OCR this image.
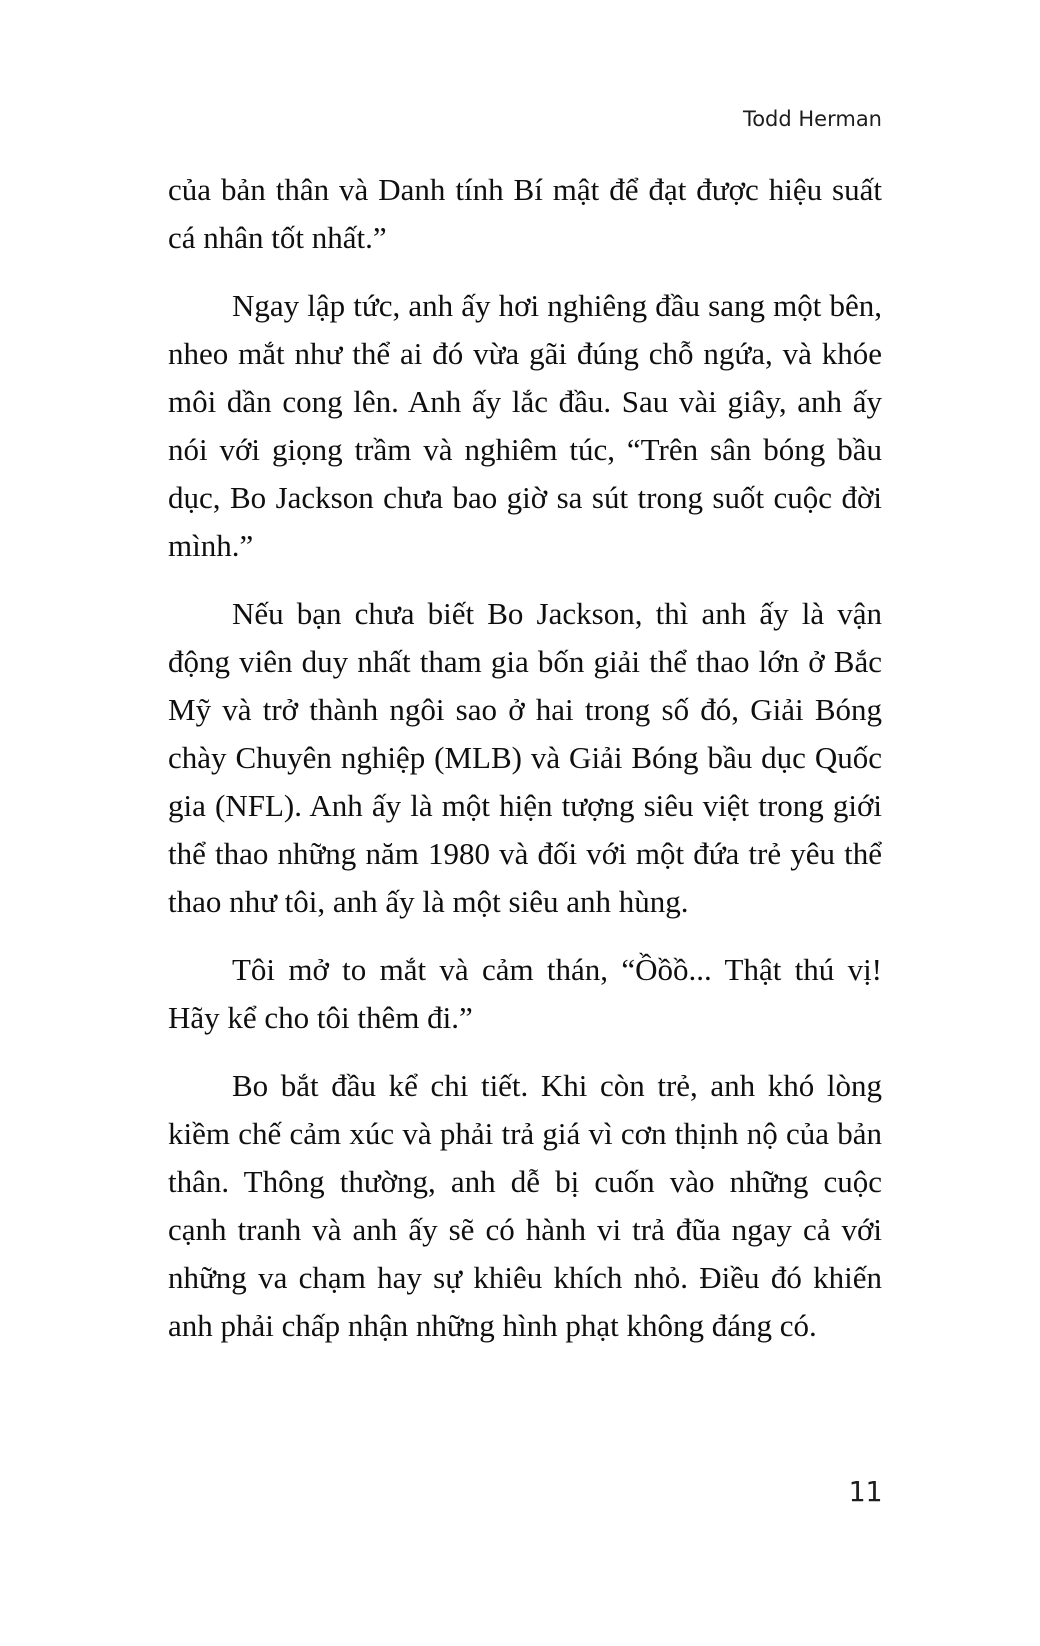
Todd Herman

của bản thân và Danh tính Bí mật để đạt được hiệu suất cá nhân tốt nhất.”

Ngay lập tức, anh ấy hơi nghiêng đầu sang một bên, nheo mắt như thể ai đó vừa gãi đúng chỗ ngứa, và khóe môi dần cong lên. Anh ấy lắc đầu. Sau vài giây, anh ấy nói với giọng trầm và nghiêm túc, “Trên sân bóng bầu dục, Bo Jackson chưa bao giờ sa sút trong suốt cuộc đời mình.”

Nếu bạn chưa biết Bo Jackson, thì anh ấy là vận động viên duy nhất tham gia bốn giải thể thao lớn ở Bắc Mỹ và trở thành ngôi sao ở hai trong số đó, Giải Bóng chày Chuyên nghiệp (MLB) và Giải Bóng bầu dục Quốc gia (NFL). Anh ấy là một hiện tượng siêu việt trong giới thể thao những năm 1980 và đối với một đứa trẻ yêu thể thao như tôi, anh ấy là một siêu anh hùng.

Tôi mở to mắt và cảm thán, “Ồồồ... Thật thú vị! Hãy kể cho tôi thêm đi.”

Bo bắt đầu kể chi tiết. Khi còn trẻ, anh khó lòng kiềm chế cảm xúc và phải trả giá vì cơn thịnh nộ của bản thân. Thông thường, anh dễ bị cuốn vào những cuộc cạnh tranh và anh ấy sẽ có hành vi trả đũa ngay cả với những va chạm hay sự khiêu khích nhỏ. Điều đó khiến anh phải chấp nhận những hình phạt không đáng có.

11
